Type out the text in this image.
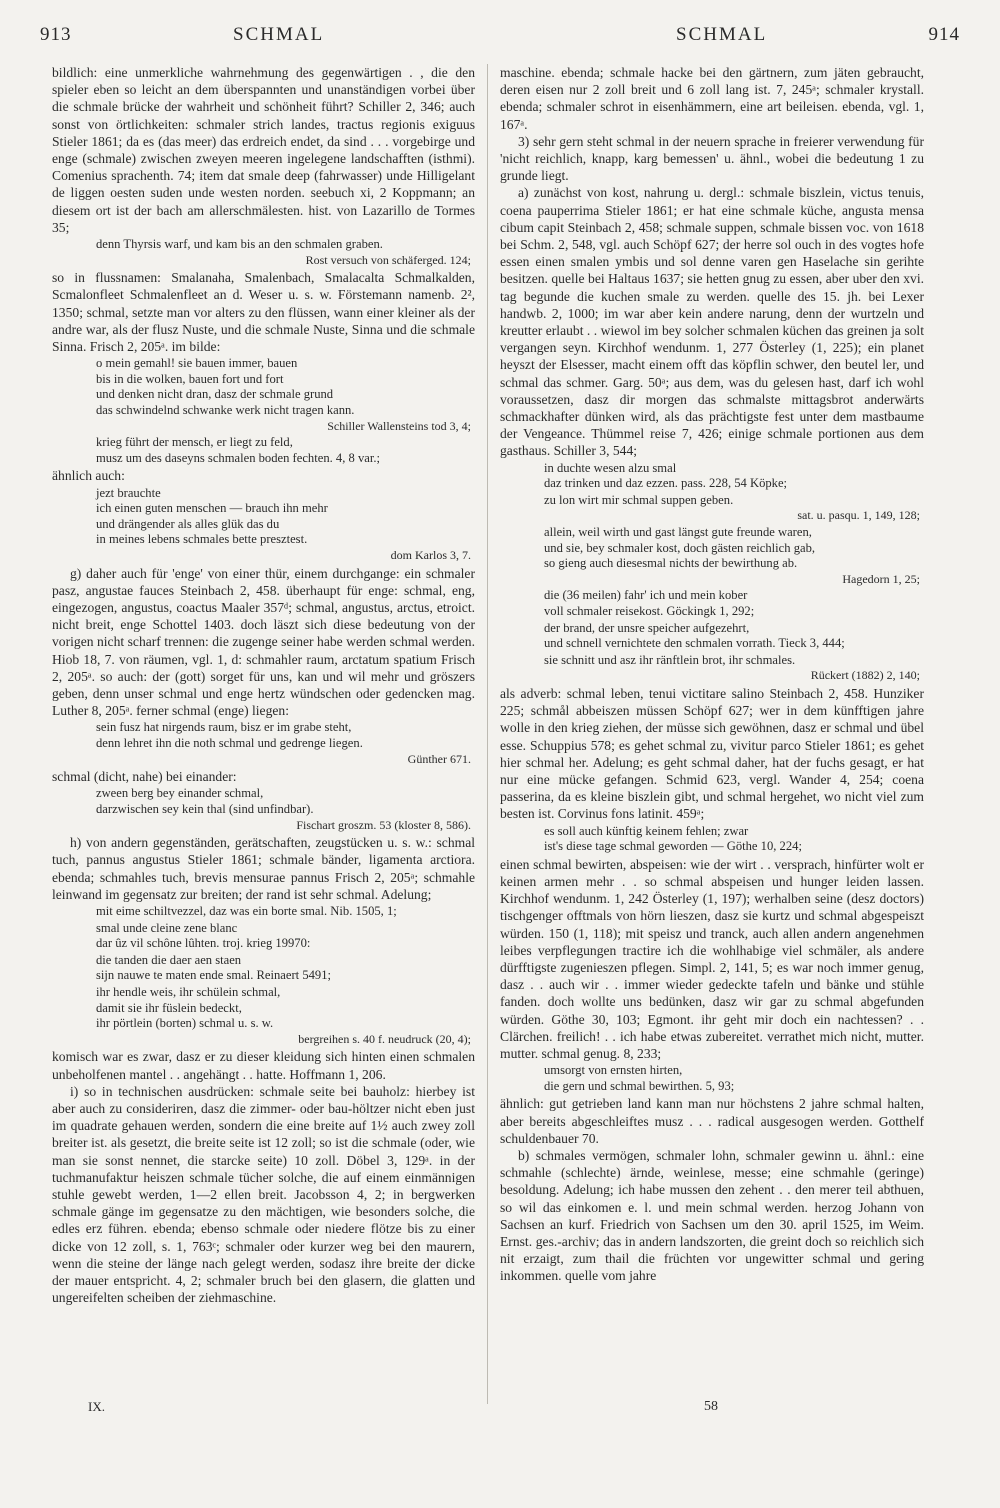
913	SCHMAL	SCHMAL	914

bildlich: eine unmerkliche wahrnehmung des gegenwärtigen . , die den spieler eben so leicht an dem überspannten und unanständigen vorbei über die schmale brücke der wahrheit und schönheit führt? Schiller 2, 346; auch sonst von örtlichkeiten: schmaler strich landes, tractus regionis exiguus Stieler 1861; da es (das meer) das erdreich endet, da sind . . . vorgebirge und enge (schmale) zwischen zweyen meeren ingelegene landschafften (isthmi). Comenius sprachenth. 74; item dat smale deep (fahrwasser) unde Hilligelant de liggen oesten suden unde westen norden. seebuch xi, 2 Koppmann; an diesem ort ist der bach am allerschmälesten. hist. von Lazarillo de Tormes 35;

denn Thyrsis warf, und kam bis an den schmalen graben.
Rost versuch von schäferged. 124;

so in flussnamen: Smalanaha, Smalenbach, Smalacalta Schmalkalden, Scmalonfleet Schmalenfleet an d. Weser u. s. w. Förstemann namenb. 2², 1350; schmal, setzte man vor alters zu den flüssen, wann einer kleiner als der andre war, als der flusz Nuste, und die schmale Nuste, Sinna und die schmale Sinna. Frisch 2, 205ᵃ. im bilde:

o mein gemahl! sie bauen immer, bauen
bis in die wolken, bauen fort und fort
und denken nicht dran, dasz der schmale grund
das schwindelnd schwanke werk nicht tragen kann.
Schiller Wallensteins tod 3, 4;
krieg führt der mensch, er liegt zu feld,
musz um des daseyns schmalen boden fechten. 4, 8 var.;

ähnlich auch:

jezt brauchte
ich einen guten menschen — brauch ihn mehr
und drängender als alles glük das du
in meines lebens schmales bette presztest.
dom Karlos 3, 7.

g) daher auch für 'enge' von einer thür, einem durchgange: ein schmaler pasz, angustae fauces Steinbach 2, 458. überhaupt für enge: schmal, eng, eingezogen, angustus, coactus Maaler 357ᵈ; schmal, angustus, arctus, etroict. nicht breit, enge Schottel 1403. doch läszt sich diese bedeutung von der vorigen nicht scharf trennen: die zugenge seiner habe werden schmal werden. Hiob 18, 7. von räumen, vgl. 1, d: schmahler raum, arctatum spatium Frisch 2, 205ᵃ. so auch: der (gott) sorget für uns, kan und wil mehr und gröszers geben, denn unser schmal und enge hertz wündschen oder gedencken mag. Luther 8, 205ᵃ. ferner schmal (enge) liegen:

sein fusz hat nirgends raum, bisz er im grabe steht,
denn lehret ihn die noth schmal und gedrenge liegen.
Günther 671.

schmal (dicht, nahe) bei einander:

zween berg bey einander schmal,
darzwischen sey kein thal (sind unfindbar).
Fischart groszm. 53 (kloster 8, 586).

h) von andern gegenständen, gerätschaften, zeugstücken u. s. w.: schmal tuch, pannus angustus Stieler 1861; schmale bänder, ligamenta arctiora. ebenda; schmahles tuch, brevis mensurae pannus Frisch 2, 205ᵃ; schmahle leinwand im gegensatz zur breiten; der rand ist sehr schmal. Adelung;

mit eime schiltvezzel, daz was ein borte smal. Nib. 1505, 1;
smal unde cleine zene blanc
dar ûz vil schône lûhten. troj. krieg 19970:
die tanden die daer aen staen
sijn nauwe te maten ende smal. Reinaert 5491;
ihr hendle weis, ihr schülein schmal,
damit sie ihr füslein bedeckt,
ihr pörtlein (borten) schmal u. s. w.
bergreihen s. 40 f. neudruck (20, 4);

komisch war es zwar, dasz er zu dieser kleidung sich hinten einen schmalen unbeholfenen mantel . . angehängt . . hatte. Hoffmann 1, 206.

i) so in technischen ausdrücken: schmale seite bei bauholz: hierbey ist aber auch zu consideriren, dasz die zimmer- oder bau-höltzer nicht eben just im quadrate gehauen werden, sondern die eine breite auf 1½ auch zwey zoll breiter ist. als gesetzt, die breite seite ist 12 zoll; so ist die schmale (oder, wie man sie sonst nennet, die starcke seite) 10 zoll. Döbel 3, 129ᵃ. in der tuchmanufaktur heiszen schmale tücher solche, die auf einem einmännigen stuhle gewebt werden, 1—2 ellen breit. Jacobsson 4, 2; in bergwerken schmale gänge im gegensatze zu den mächtigen, wie besonders solche, die edles erz führen. ebenda; ebenso schmale oder niedere flötze bis zu einer dicke von 12 zoll, s. 1, 763ᶜ; schmaler oder kurzer weg bei den maurern, wenn die steine der länge nach gelegt werden, sodasz ihre breite der dicke der mauer entspricht. 4, 2; schmaler bruch bei den glasern, die glatten und ungereifelten scheiben der ziehmaschine.

maschine. ebenda; schmale hacke bei den gärtnern, zum jäten gebraucht, deren eisen nur 2 zoll breit und 6 zoll lang ist. 7, 245ᵃ; schmaler krystall. ebenda; schmaler schrot in eisenhämmern, eine art beileisen. ebenda, vgl. 1, 167ᵃ.

3) sehr gern steht schmal in der neuern sprache in freierer verwendung für 'nicht reichlich, knapp, karg bemessen' u. ähnl., wobei die bedeutung 1 zu grunde liegt.

a) zunächst von kost, nahrung u. dergl.: schmale biszlein, victus tenuis, coena pauperrima Stieler 1861; er hat eine schmale küche, angusta mensa cibum capit Steinbach 2, 458; schmale suppen, schmale bissen voc. von 1618 bei Schm. 2, 548, vgl. auch Schöpf 627; der herre sol ouch in des vogtes hofe essen einen smalen ymbis und sol denne varen gen Haselache sin gerihte besitzen. quelle bei Haltaus 1637; sie hetten gnug zu essen, aber uber den xvi. tag begunde die kuchen smale zu werden. quelle des 15. jh. bei Lexer handwb. 2, 1000; im war aber kein andere narung, denn der wurtzeln und kreutter erlaubt . . wiewol im bey solcher schmalen küchen das greinen ja solt vergangen seyn. Kirchhof wendunm. 1, 277 Österley (1, 225); ein planet heyszt der Elsesser, macht einem offt das köpflin schwer, den beutel ler, und schmal das schmer. Garg. 50ᵃ; aus dem, was du gelesen hast, darf ich wohl voraussetzen, dasz dir morgen das schmalste mittagsbrot anderwärts schmackhafter dünken wird, als das prächtigste fest unter dem mastbaume der Vengeance. Thümmel reise 7, 426; einige schmale portionen aus dem gasthaus. Schiller 3, 544;

in duchte wesen alzu smal
daz trinken und daz ezzen. pass. 228, 54 Köpke;
zu lon wirt mir schmal suppen geben.
sat. u. pasqu. 1, 149, 128;
allein, weil wirth und gast längst gute freunde waren,
und sie, bey schmaler kost, doch gästen reichlich gab,
so gieng auch diesesmal nichts der bewirthung ab.
Hagedorn 1, 25;
die (36 meilen) fahr' ich und mein kober
voll schmaler reisekost. Göckingk 1, 292;
der brand, der unsre speicher aufgezehrt,
und schnell vernichtete den schmalen vorrath. Tieck 3, 444;
sie schnitt und asz ihr ränftlein brot, ihr schmales.
Rückert (1882) 2, 140;

als adverb: schmal leben, tenui victitare salino Steinbach 2, 458. Hunziker 225; schmål abbeiszen müssen Schöpf 627; wer in dem künfftigen jahre wolle in den krieg ziehen, der müsse sich gewöhnen, dasz er schmal und übel esse. Schuppius 578; es gehet schmal zu, vivitur parco Stieler 1861; es gehet hier schmal her. Adelung; es geht schmal daher, hat der fuchs gesagt, er hat nur eine mücke gefangen. Schmid 623, vergl. Wander 4, 254; coena passerina, da es kleine biszlein gibt, und schmal hergehet, wo nicht viel zum besten ist. Corvinus fons latinit. 459ᵃ;

es soll auch künftig keinem fehlen; zwar
ist's diese tage schmal geworden — Göthe 10, 224;

einen schmal bewirten, abspeisen: wie der wirt . . versprach, hinfürter wolt er keinen armen mehr . . so schmal abspeisen und hunger leiden lassen. Kirchhof wendunm. 1, 242 Österley (1, 197); werhalben seine (desz doctors) tischgenger offtmals von hörn lieszen, dasz sie kurtz und schmal abgespeiszt würden. 150 (1, 118); mit speisz und tranck, auch allen andern angenehmen leibes verpflegungen tractire ich die wohlhabige viel schmäler, als andere dürfftigste zugenieszen pflegen. Simpl. 2, 141, 5; es war noch immer genug, dasz . . auch wir . . immer wieder gedeckte tafeln und bänke und stühle fanden. doch wollte uns bedünken, dasz wir gar zu schmal abgefunden würden. Göthe 30, 103; Egmont. ihr geht mir doch ein nachtessen? . . Clärchen. freilich! . . ich habe etwas zubereitet. verrathet mich nicht, mutter. mutter. schmal genug. 8, 233;

umsorgt von ernsten hirten,
die gern und schmal bewirthen. 5, 93;

ähnlich: gut getrieben land kann man nur höchstens 2 jahre schmal halten, aber bereits abgeschleiftes musz . . . radical ausgesogen werden. Gotthelf schuldenbauer 70.

b) schmales vermögen, schmaler lohn, schmaler gewinn u. ähnl.: eine schmahle (schlechte) ärnde, weinlese, messe; eine schmahle (geringe) besoldung. Adelung; ich habe mussen den zehent . . den merer teil abthuen, so wil das einkomen e. l. und mein schmal werden. herzog Johann von Sachsen an kurf. Friedrich von Sachsen um den 30. april 1525, im Weim. Ernst. ges.-archiv; das in andern landszorten, die greint doch so reichlich sich nit erzaigt, zum thail die früchten vor ungewitter schmal und gering inkommen. quelle vom jahre

IX.	58
